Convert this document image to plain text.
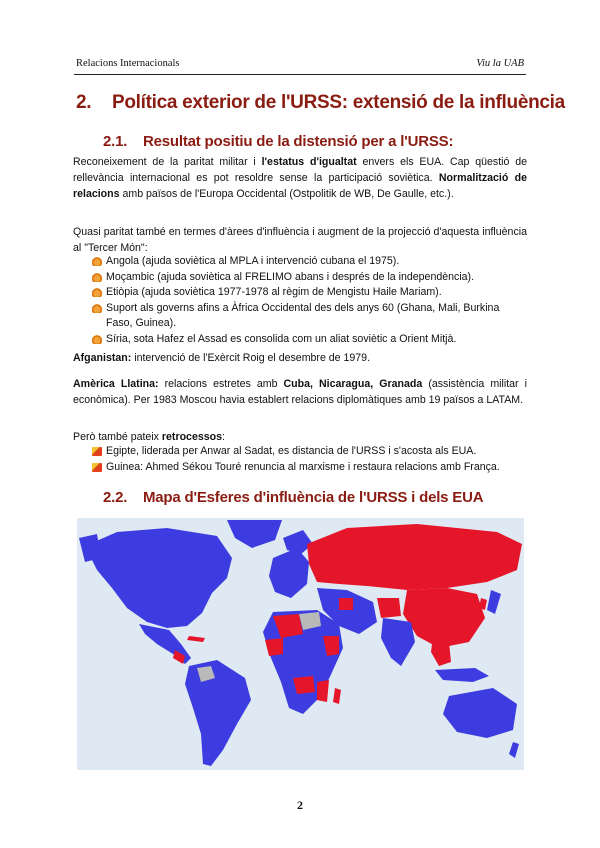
Relacions Internacionals	Viu la UAB
2. Política exterior de l'URSS: extensió de la influència
2.1. Resultat positiu de la distensió per a l'URSS:
Reconeixement de la paritat militar i l'estatus d'igualtat envers els EUA. Cap qüestió de rellevància internacional es pot resoldre sense la participació soviètica. Normalització de relacions amb països de l'Europa Occidental (Ostpolitik de WB, De Gaulle, etc.).
Quasi paritat també en termes d'àrees d'influència i augment de la projecció d'aquesta influència al "Tercer Món":
Angola (ajuda soviètica al MPLA i intervenció cubana el 1975).
Moçambic (ajuda soviètica al FRELIMO abans i després de la independència).
Etiòpia (ajuda soviètica 1977-1978 al règim de Mengistu Haile Mariam).
Suport als governs afins a Àfrica Occidental des dels anys 60 (Ghana, Mali, Burkina Faso, Guinea).
Síria, sota Hafez el Assad es consolida com un aliat soviètic a Orient Mitjà.
Afganistan: intervenció de l'Exèrcit Roig el desembre de 1979.
Amèrica Llatina: relacions estretes amb Cuba, Nicaragua, Granada (assistència militar i econòmica). Per 1983 Moscou havia establert relacions diplomàtiques amb 19 països a LATAM.
Però també pateix retrocessos:
Egipte, liderada per Anwar al Sadat, es distancia de l'URSS i s'acosta als EUA.
Guinea: Ahmed Sékou Touré renuncia al marxisme i restaura relacions amb França.
2.2. Mapa d'Esferes d'influència de l'URSS i dels EUA
2
